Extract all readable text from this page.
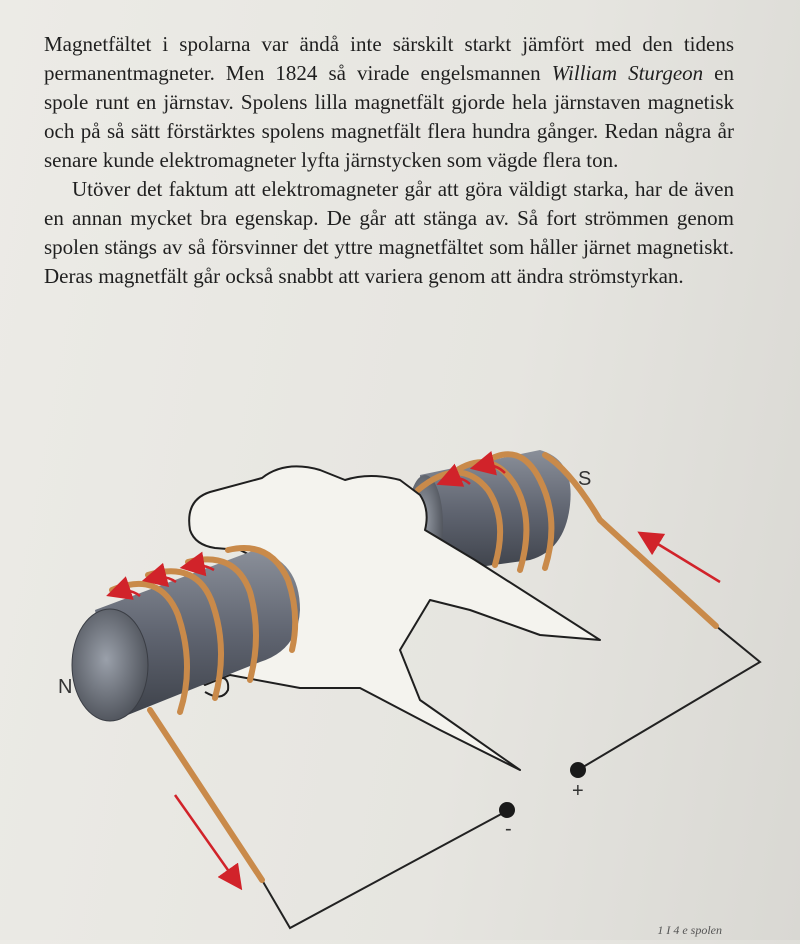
Magnetfältet i spolarna var ändå inte särskilt starkt jämfört med den tidens permanentmagneter. Men 1824 så virade engelsmannen William Sturgeon en spole runt en järnstav. Spolens lilla magnetfält gjorde hela järnstaven magnetisk och på så sätt förstärktes spolens magnetfält flera hundra gånger. Redan några år senare kunde elektromagneter lyfta järnstycken som vägde flera ton.

Utöver det faktum att elektromagneter går att göra väldigt starka, har de även en annan mycket bra egenskap. De går att stänga av. Så fort strömmen genom spolen stängs av så försvinner det yttre magnetfältet som håller järnet magnetiskt. Deras magnetfält går också snabbt att variera genom att ändra strömstyrkan.

N
S
+
-
1 I 4 e spolen
